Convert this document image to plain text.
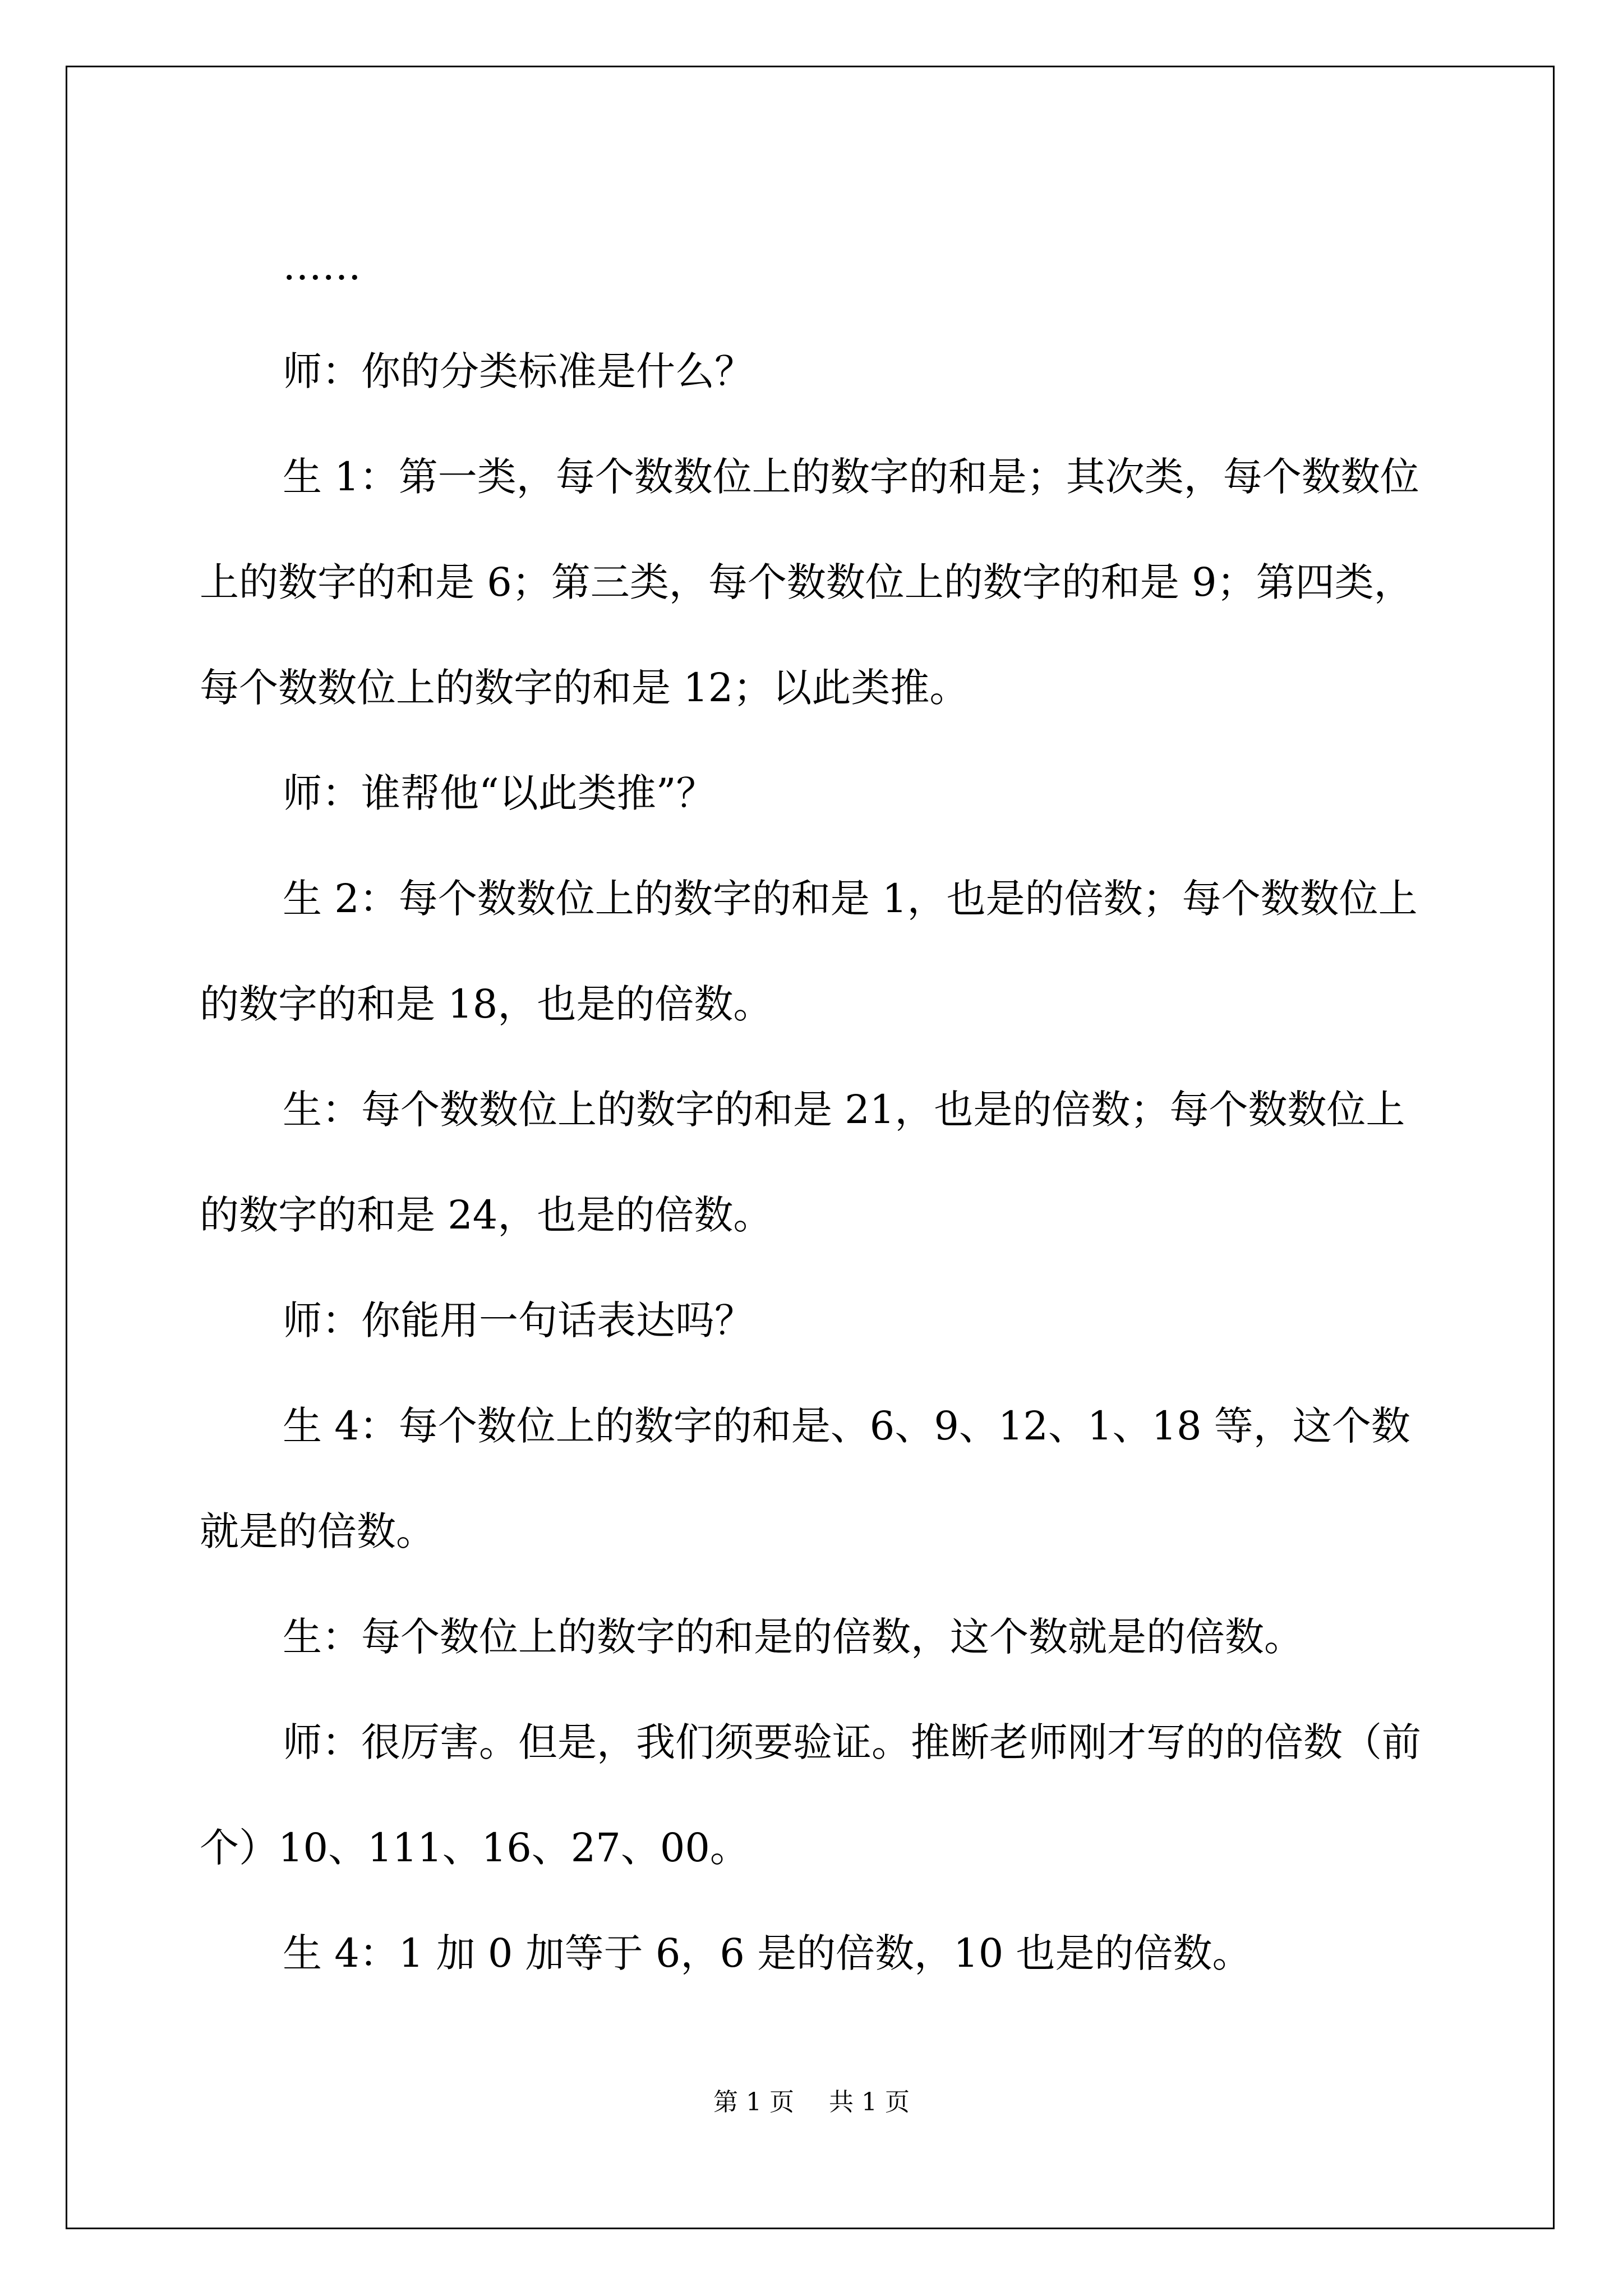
……

师：你的分类标准是什么？

生 1：第一类，每个数数位上的数字的和是；其次类，每个数数位上的数字的和是 6；第三类，每个数数位上的数字的和是 9；第四类，每个数数位上的数字的和是 12；以此类推。

师：谁帮他“以此类推”？

生 2：每个数数位上的数字的和是 1，也是的倍数；每个数数位上的数字的和是 18，也是的倍数。

生：每个数数位上的数字的和是 21，也是的倍数；每个数数位上的数字的和是 24，也是的倍数。

师：你能用一句话表达吗？

生 4：每个数位上的数字的和是、6、9、12、1、18 等，这个数就是的倍数。

生：每个数位上的数字的和是的倍数，这个数就是的倍数。

师：很厉害。但是，我们须要验证。推断老师刚才写的的倍数（前个）10、111、16、27、00。

生 4：1 加 0 加等于 6，6 是的倍数，10 也是的倍数。

第 1 页 共 1 页
